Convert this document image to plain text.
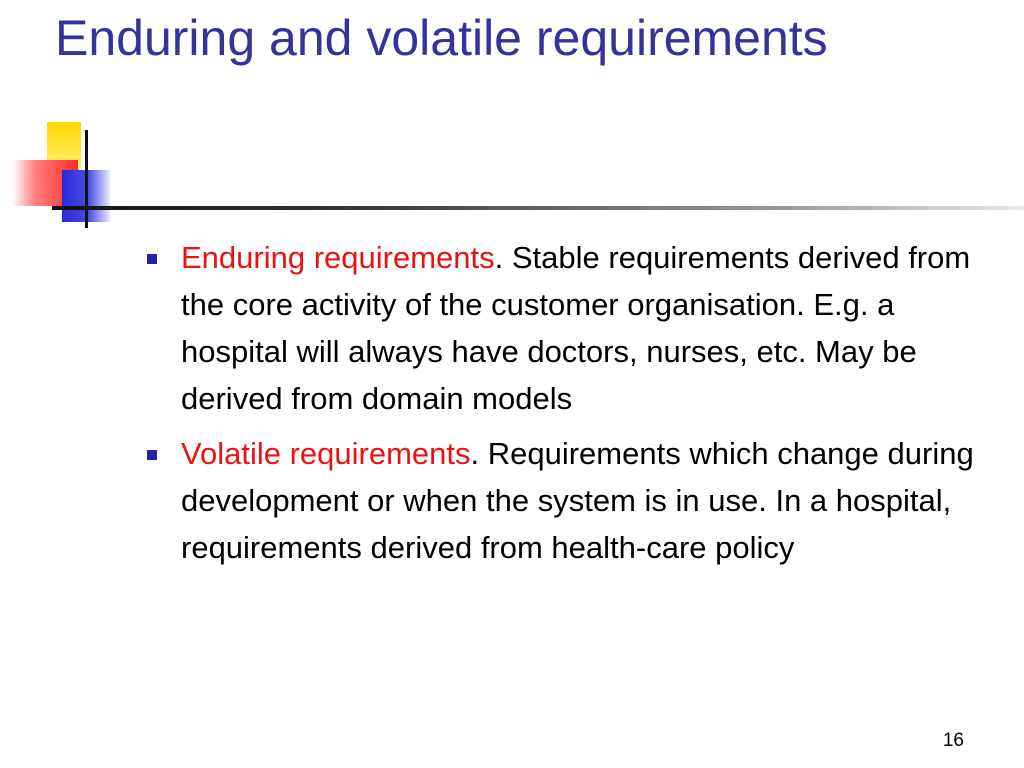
Enduring and volatile requirements
Enduring requirements. Stable requirements derived from the core activity of the customer organisation. E.g. a hospital will always have doctors, nurses, etc. May be derived from domain models
Volatile requirements. Requirements which change during development or when the system is in use. In a hospital, requirements derived from health-care policy
16
